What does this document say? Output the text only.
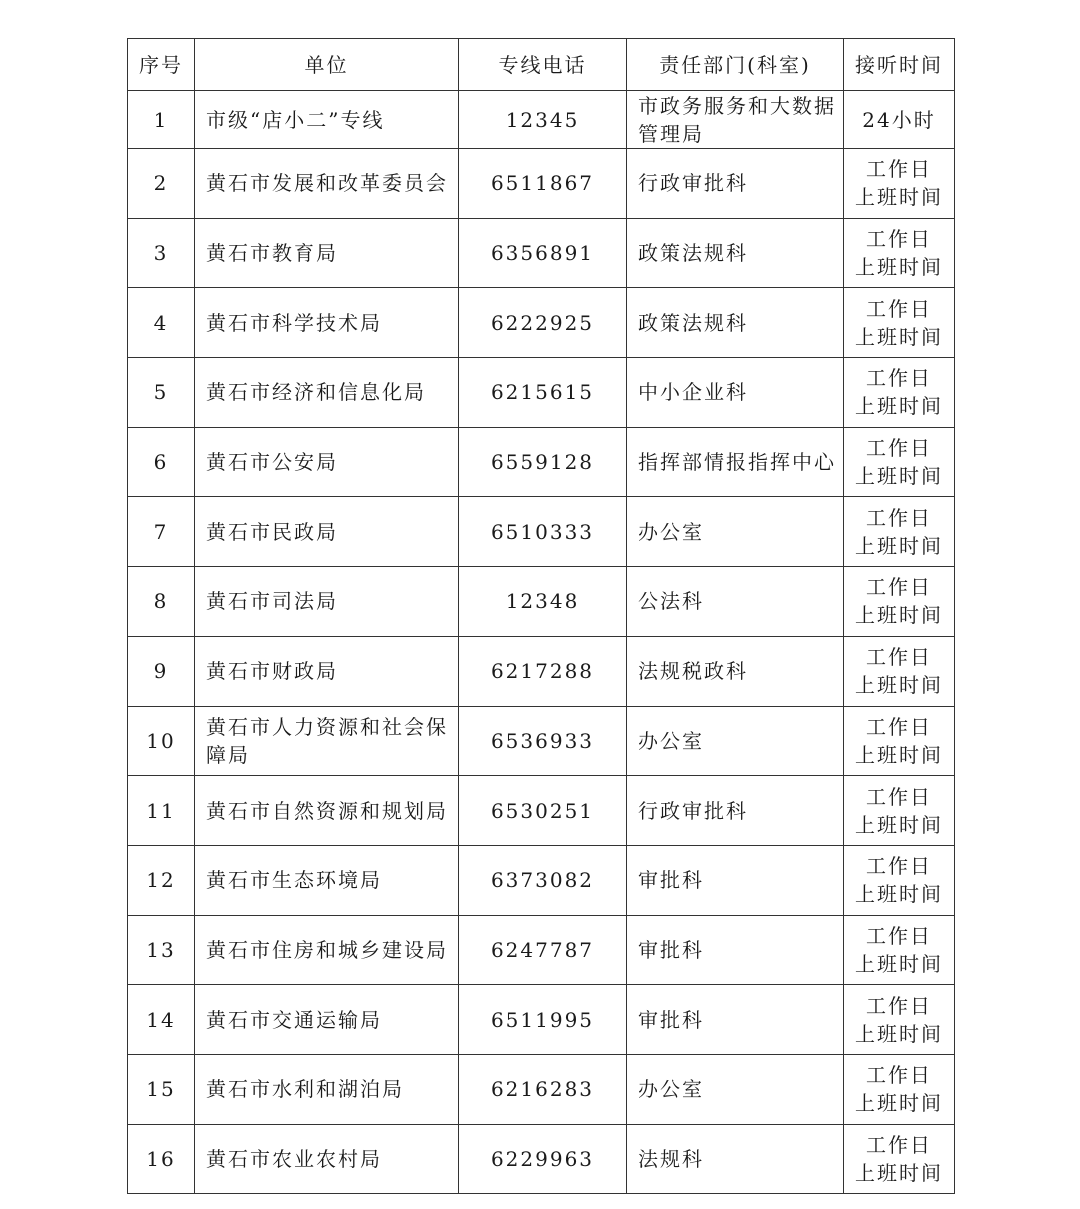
序号	单位	专线电话	责任部门(科室)	接听时间
1	市级“店小二”专线	12345	市政务服务和大数据管理局	24小时

2	黄石市发展和改革委员会	6511867	行政审批科	工作日
上班时间

3	黄石市教育局	6356891	政策法规科	工作日
上班时间

4	黄石市科学技术局	6222925	政策法规科	工作日
上班时间

5	黄石市经济和信息化局	6215615	中小企业科	工作日
上班时间

6	黄石市公安局	6559128	指挥部情报指挥中心	工作日
上班时间

7	黄石市民政局	6510333	办公室	工作日
上班时间

8	黄石市司法局	12348	公法科	工作日
上班时间

9	黄石市财政局	6217288	法规税政科	工作日
上班时间

10	黄石市人力资源和社会保障局	6536933	办公室	工作日
上班时间

11	黄石市自然资源和规划局	6530251	行政审批科	工作日
上班时间

12	黄石市生态环境局	6373082	审批科	工作日
上班时间

13	黄石市住房和城乡建设局	6247787	审批科	工作日
上班时间

14	黄石市交通运输局	6511995	审批科	工作日
上班时间

15	黄石市水利和湖泊局	6216283	办公室	工作日
上班时间

16	黄石市农业农村局	6229963	法规科	工作日
上班时间
